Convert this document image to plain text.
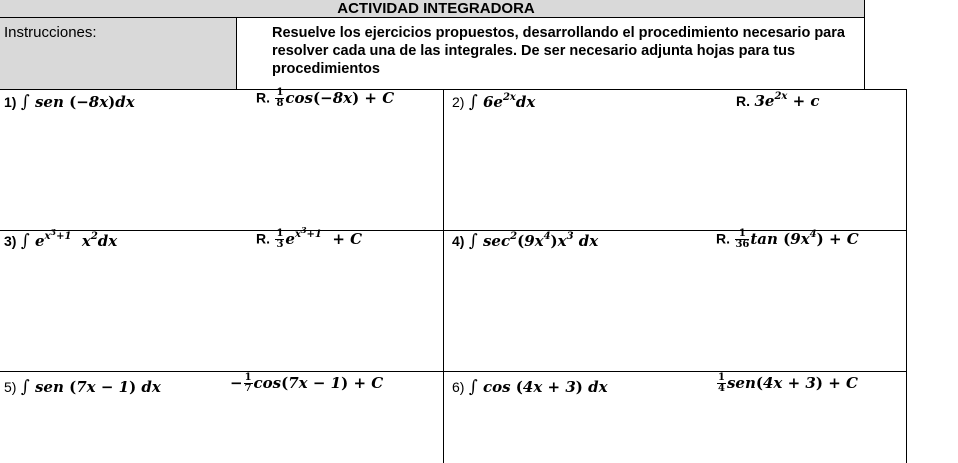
ACTIVIDAD INTEGRADORA
Instrucciones:	Resuelve los ejercicios propuestos, desarrollando el procedimiento necesario para resolver cada una de las integrales. De ser necesario adjunta hojas para tus procedimientos
1) ∫ sen (−8x)dx	R. $\frac{1}{8} \cos(-8x) + C$	2) ∫ $6e^{2x}dx$	R. $3e^{2x} + c$
3) ∫ $e^{x^3+1}$  $x^2dx$	R. $\frac{1}{3} e^{x^3+1} + C$	4) ∫ $\sec^2(9x^4)x^3$ dx	R. $\frac{1}{36}$ $\tan (9x^4) + C$
5) ∫ sen (7x − 1) dx	− $\frac{1}{7} \cos(7x - 1) + C$	6) ∫ cos (4x + 3) dx	$\frac{1}{4} sen(4x + 3) + C$
